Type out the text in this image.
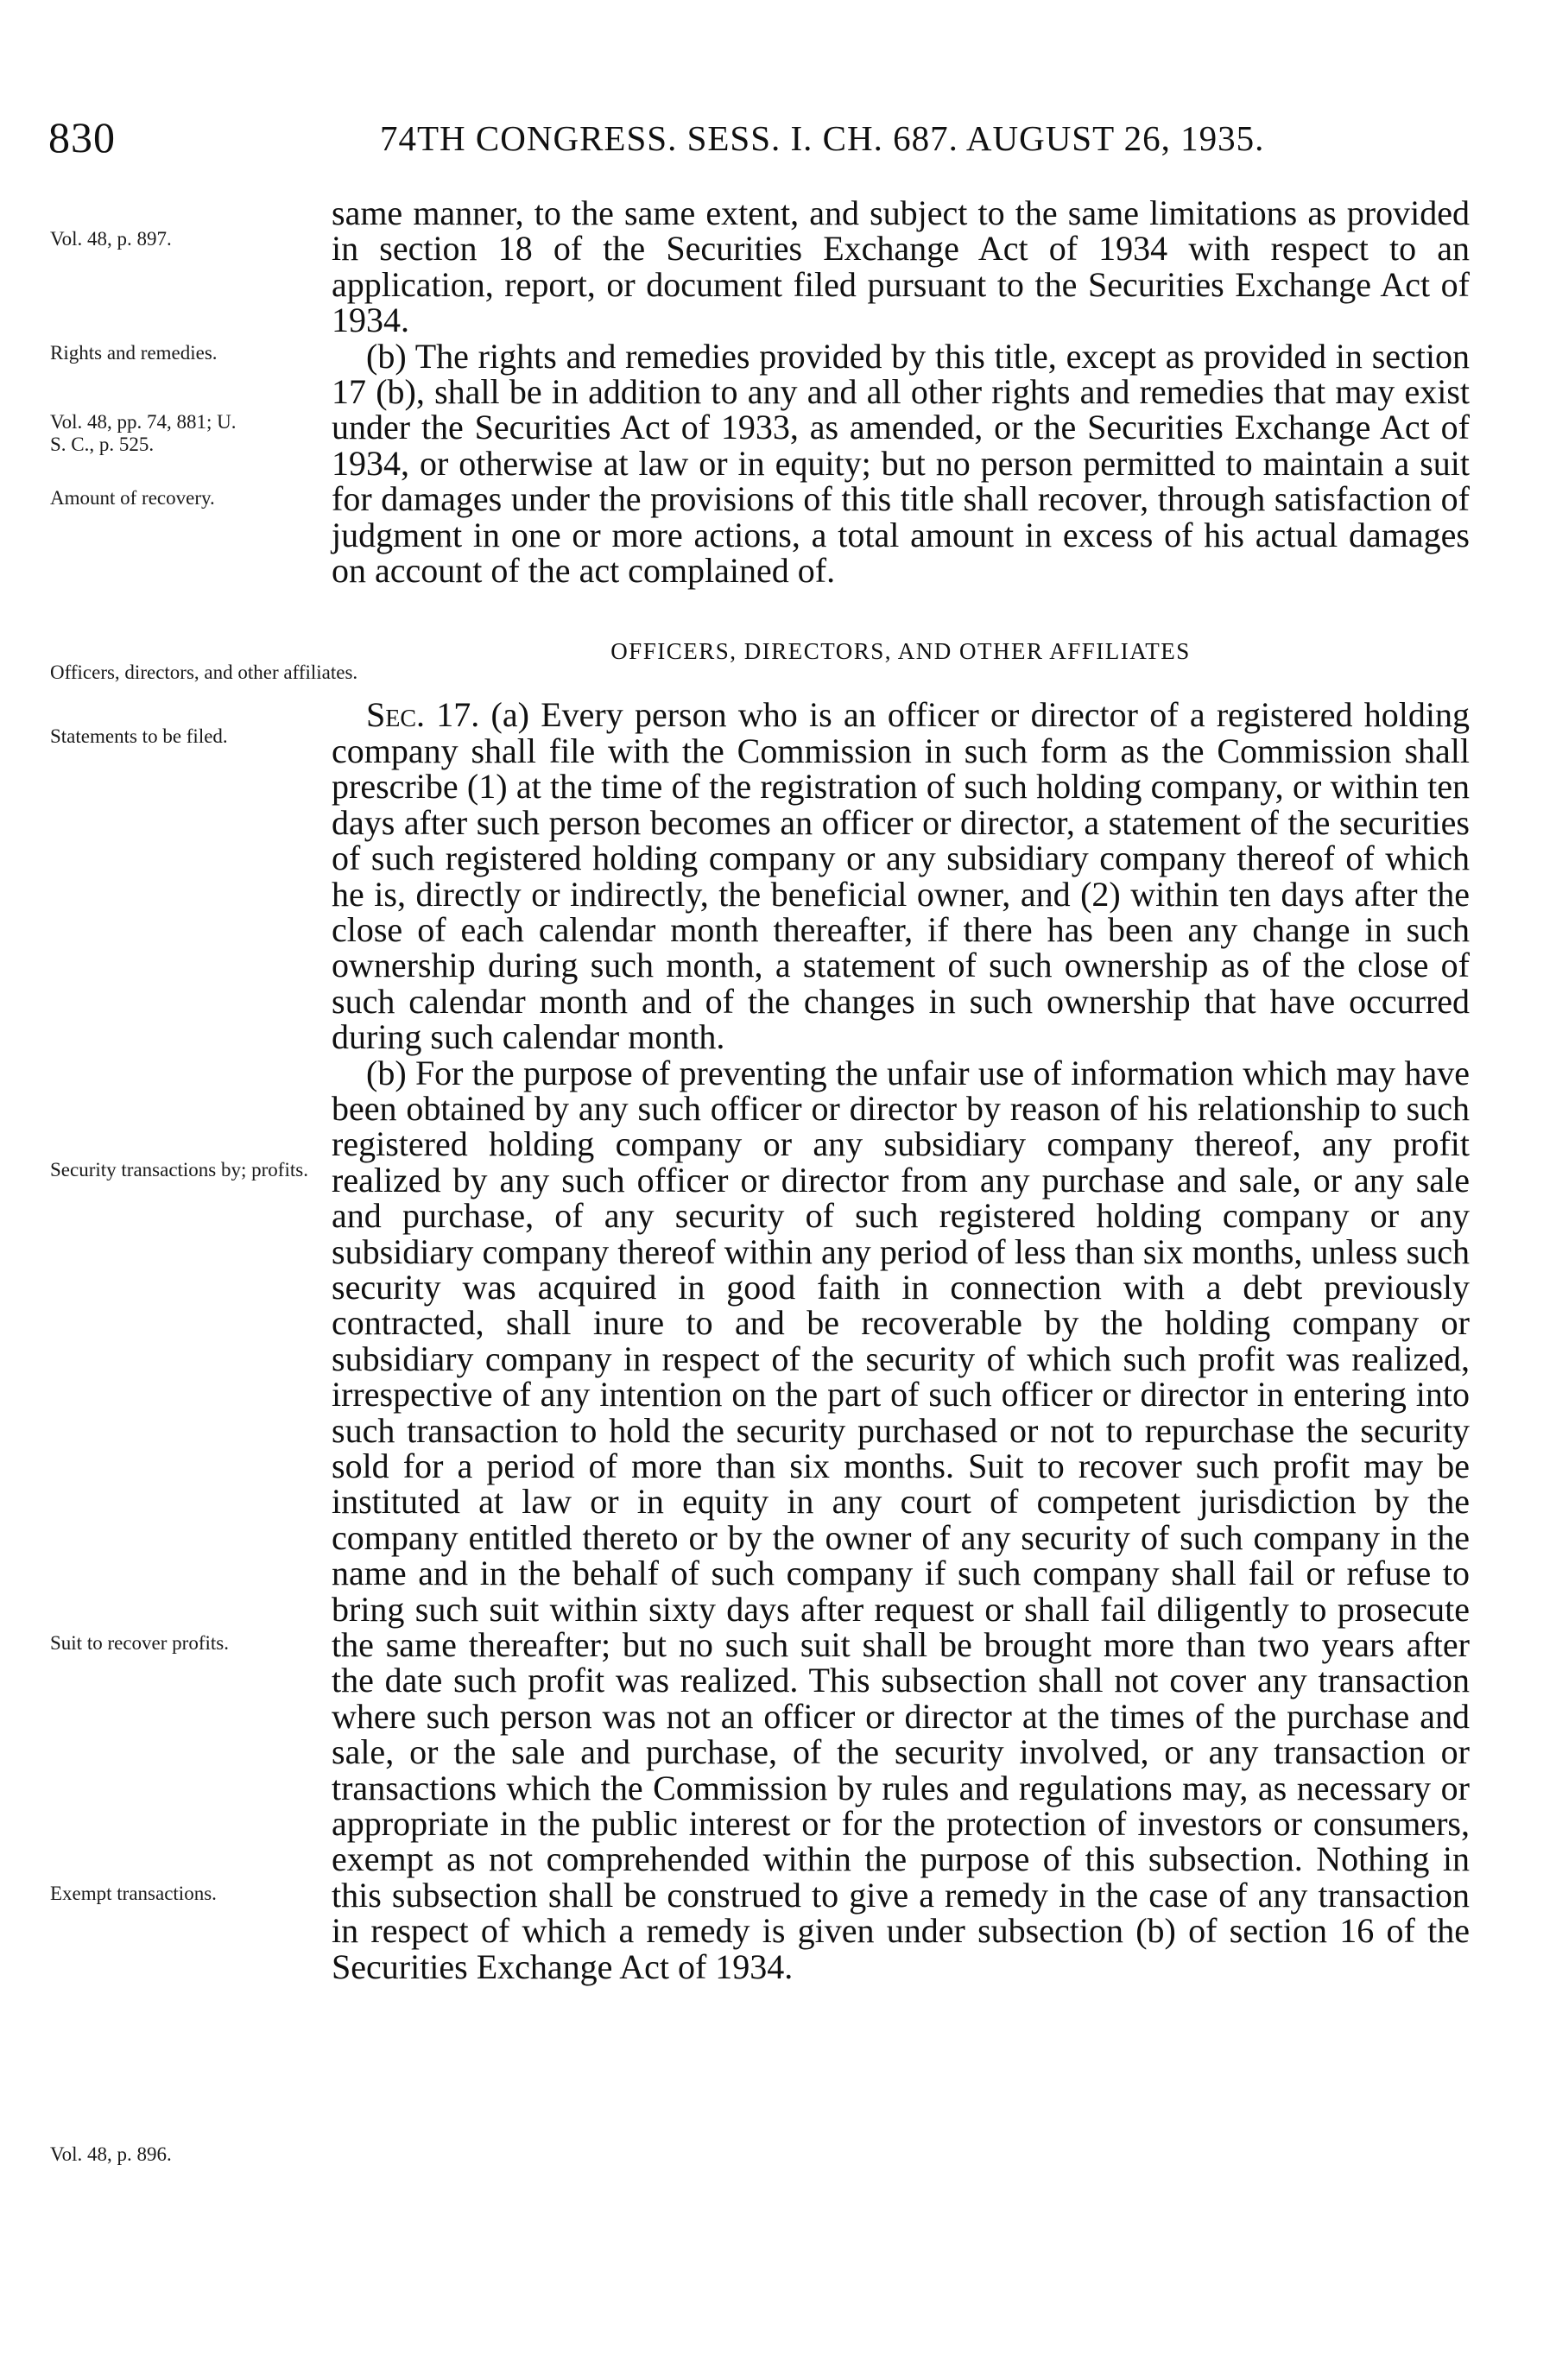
830	74TH CONGRESS. SESS. I. CH. 687. AUGUST 26, 1935.
Vol. 48, p. 897.
Rights and remedies.
Vol. 48, pp. 74, 881; U. S. C., p. 525.
Amount of recovery.
Officers, directors, and other affiliates.
Statements to be filed.
Security transactions by; profits.
Suit to recover profits.
Exempt transactions.
Vol. 48, p. 896.

same manner, to the same extent, and subject to the same limitations as provided in section 18 of the Securities Exchange Act of 1934 with respect to an application, report, or document filed pursuant to the Securities Exchange Act of 1934.

(b) The rights and remedies provided by this title, except as provided in section 17 (b), shall be in addition to any and all other rights and remedies that may exist under the Securities Act of 1933, as amended, or the Securities Exchange Act of 1934, or otherwise at law or in equity; but no person permitted to maintain a suit for damages under the provisions of this title shall recover, through satisfaction of judgment in one or more actions, a total amount in excess of his actual damages on account of the act complained of.

OFFICERS, DIRECTORS, AND OTHER AFFILIATES

Sec. 17. (a) Every person who is an officer or director of a registered holding company shall file with the Commission in such form as the Commission shall prescribe (1) at the time of the registration of such holding company, or within ten days after such person becomes an officer or director, a statement of the securities of such registered holding company or any subsidiary company thereof of which he is, directly or indirectly, the beneficial owner, and (2) within ten days after the close of each calendar month thereafter, if there has been any change in such ownership during such month, a statement of such ownership as of the close of such calendar month and of the changes in such ownership that have occurred during such calendar month.

(b) For the purpose of preventing the unfair use of information which may have been obtained by any such officer or director by reason of his relationship to such registered holding company or any subsidiary company thereof, any profit realized by any such officer or director from any purchase and sale, or any sale and purchase, of any security of such registered holding company or any subsidiary company thereof within any period of less than six months, unless such security was acquired in good faith in connection with a debt previously contracted, shall inure to and be recoverable by the holding company or subsidiary company in respect of the security of which such profit was realized, irrespective of any intention on the part of such officer or director in entering into such transaction to hold the security purchased or not to repurchase the security sold for a period of more than six months. Suit to recover such profit may be instituted at law or in equity in any court of competent jurisdiction by the company entitled thereto or by the owner of any security of such company in the name and in the behalf of such company if such company shall fail or refuse to bring such suit within sixty days after request or shall fail diligently to prosecute the same thereafter; but no such suit shall be brought more than two years after the date such profit was realized. This subsection shall not cover any transaction where such person was not an officer or director at the times of the purchase and sale, or the sale and purchase, of the security involved, or any transaction or transactions which the Commission by rules and regulations may, as necessary or appropriate in the public interest or for the protection of investors or consumers, exempt as not comprehended within the purpose of this subsection. Nothing in this subsection shall be construed to give a remedy in the case of any transaction in respect of which a remedy is given under subsection (b) of section 16 of the Securities Exchange Act of 1934.
